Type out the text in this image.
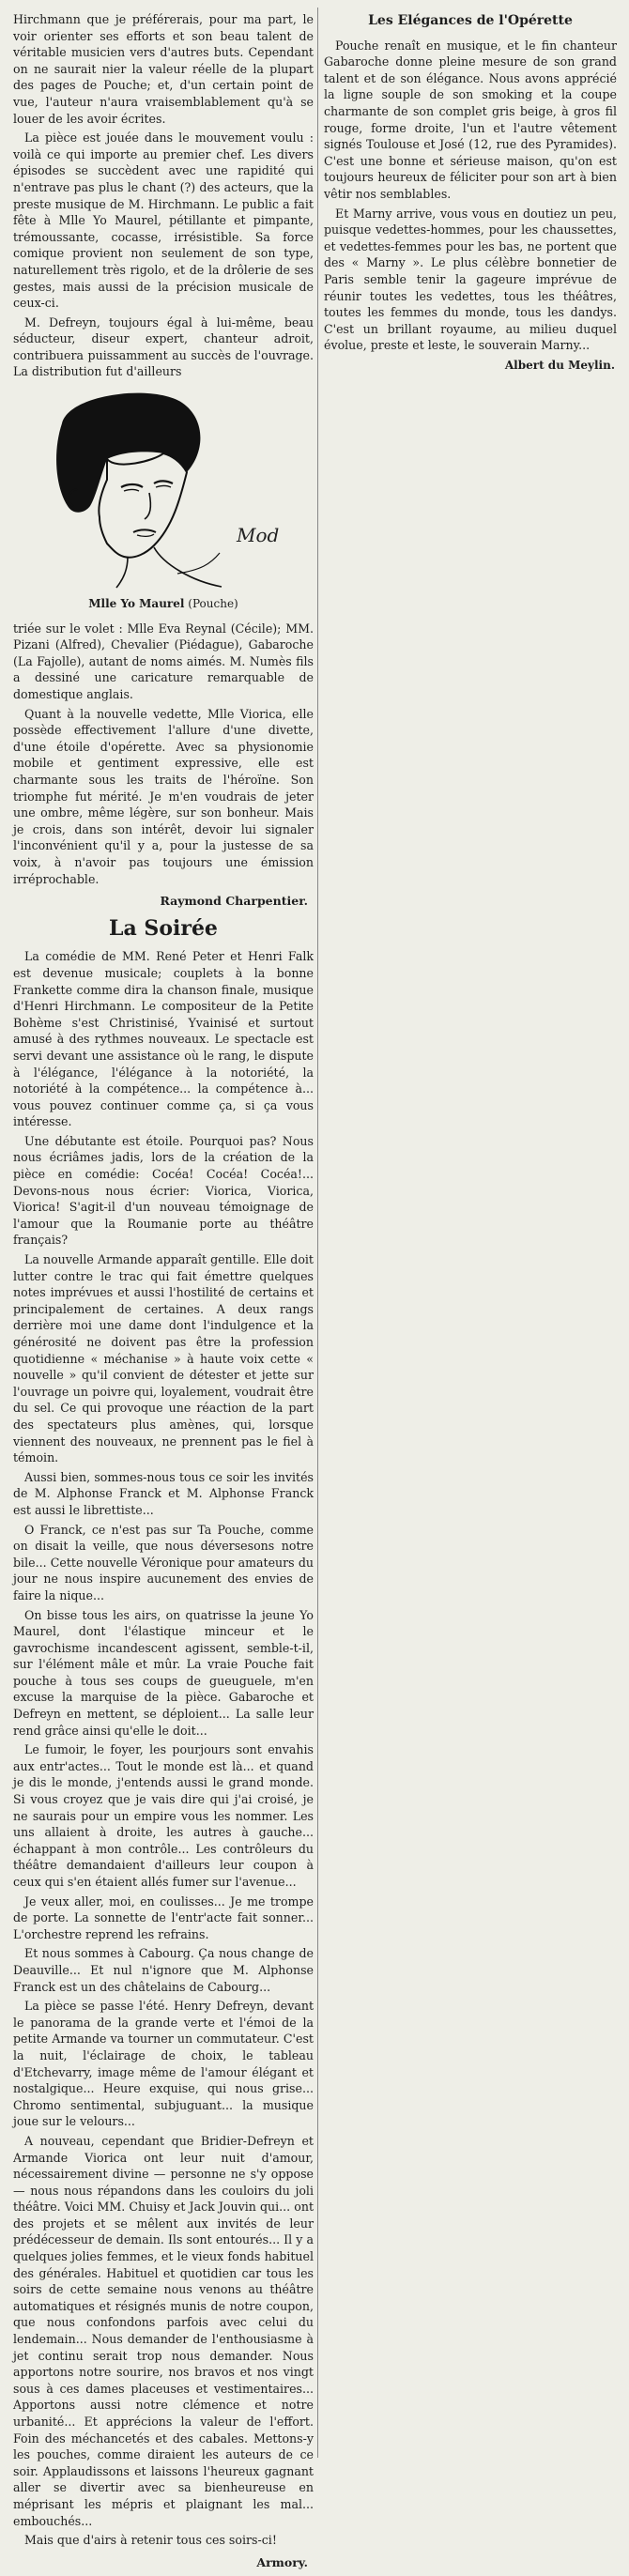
Hirchmann que je préférerais, pour ma part, le voir orienter ses efforts et son beau talent de véritable musicien vers d'autres buts. Cependant on ne saurait nier la valeur réelle de la plupart des pages de Pouche; et, d'un certain point de vue, l'auteur n'aura vraisemblablement qu'à se louer de les avoir écrites.

La pièce est jouée dans le mouvement voulu : voilà ce qui importe au premier chef. Les divers épisodes se succèdent avec une rapidité qui n'entrave pas plus le chant (?) des acteurs, que la preste musique de M. Hirchmann. Le public a fait fête à Mlle Yo Maurel, pétillante et pimpante, trémoussante, cocasse, irrésistible. Sa force comique provient non seulement de son type, naturellement très rigolo, et de la drôlerie de ses gestes, mais aussi de la précision musicale de ceux-ci.

M. Defreyn, toujours égal à lui-même, beau séducteur, diseur expert, chanteur adroit, contribuera puissamment au succès de l'ouvrage. La distribution fut d'ailleurs

Mod
Mlle Yo Maurel (Pouche)

triée sur le volet : Mlle Eva Reynal (Cécile); MM. Pizani (Alfred), Chevalier (Piédague), Gabaroche (La Fajolle), autant de noms aimés. M. Numès fils a dessiné une caricature remarquable de domestique anglais.

Quant à la nouvelle vedette, Mlle Viorica, elle possède effectivement l'allure d'une divette, d'une étoile d'opérette. Avec sa physionomie mobile et gentiment expressive, elle est charmante sous les traits de l'héroïne. Son triomphe fut mérité. Je m'en voudrais de jeter une ombre, même légère, sur son bonheur. Mais je crois, dans son intérêt, devoir lui signaler l'inconvénient qu'il y a, pour la justesse de sa voix, à n'avoir pas toujours une émission irréprochable.

Raymond Charpentier.
La Soirée

La comédie de MM. René Peter et Henri Falk est devenue musicale; couplets à la bonne Frankette comme dira la chanson finale, musique d'Henri Hirchmann. Le compositeur de la Petite Bohème s'est Christinisé, Yvainisé et surtout amusé à des rythmes nouveaux. Le spectacle est servi devant une assistance où le rang, le dispute à l'élégance, l'élégance à la notoriété, la notoriété à la compétence... la compétence à... vous pouvez continuer comme ça, si ça vous intéresse.

Une débutante est étoile. Pourquoi pas? Nous nous écriâmes jadis, lors de la création de la pièce en comédie: Cocéa! Cocéa! Cocéa!... Devons-nous nous écrier: Viorica, Viorica, Viorica! S'agit-il d'un nouveau témoignage de l'amour que la Roumanie porte au théâtre français?

La nouvelle Armande apparaît gentille. Elle doit lutter contre le trac qui fait émettre quelques notes imprévues et aussi l'hostilité de certains et principalement de certaines. A deux rangs derrière moi une dame dont l'indulgence et la générosité ne doivent pas être la profession quotidienne « méchanise » à haute voix cette « nouvelle » qu'il convient de détester et jette sur l'ouvrage un poivre qui, loyalement, voudrait être du sel. Ce qui provoque une réaction de la part des spectateurs plus amènes, qui, lorsque viennent des nouveaux, ne prennent pas le fiel à témoin.

Aussi bien, sommes-nous tous ce soir les invités de M. Alphonse Franck et M. Alphonse Franck est aussi le librettiste...

O Franck, ce n'est pas sur Ta Pouche, comme on disait la veille, que nous déversesons notre bile... Cette nouvelle Véronique pour amateurs du jour ne nous inspire aucunement des envies de faire la nique...

On bisse tous les airs, on quatrisse la jeune Yo Maurel, dont l'élastique minceur et le gavrochisme incandescent agissent, semble-t-il, sur l'élément mâle et mûr. La vraie Pouche fait pouche à tous ses coups de gueuguele, m'en excuse la marquise de la pièce. Gabaroche et Defreyn en mettent, se déploient... La salle leur rend grâce ainsi qu'elle le doit...

Le fumoir, le foyer, les pourjours sont envahis aux entr'actes... Tout le monde est là... et quand je dis le monde, j'entends aussi le grand monde. Si vous croyez que je vais dire qui j'ai croisé, je ne saurais pour un empire vous les nommer. Les uns allaient à droite, les autres à gauche... échappant à mon contrôle... Les contrôleurs du théâtre demandaient d'ailleurs leur coupon à ceux qui s'en étaient allés fumer sur l'avenue...

Je veux aller, moi, en coulisses... Je me trompe de porte. La sonnette de l'entr'acte fait sonner... L'orchestre reprend les refrains.

Et nous sommes à Cabourg. Ça nous change de Deauville... Et nul n'ignore que M. Alphonse Franck est un des châtelains de Cabourg...

La pièce se passe l'été. Henry Defreyn, devant le panorama de la grande verte et l'émoi de la petite Armande va tourner un commutateur. C'est la nuit, l'éclairage de choix, le tableau d'Etchevarry, image même de l'amour élégant et nostalgique... Heure exquise, qui nous grise... Chromo sentimental, subjuguant... la musique joue sur le velours...

A nouveau, cependant que Bridier-Defreyn et Armande Viorica ont leur nuit d'amour, nécessairement divine — personne ne s'y oppose — nous nous répandons dans les couloirs du joli théâtre. Voici MM. Chuisy et Jack Jouvin qui... ont des projets et se mêlent aux invités de leur prédécesseur de demain. Ils sont entourés... Il y a quelques jolies femmes, et le vieux fonds habituel des générales. Habituel et quotidien car tous les soirs de cette semaine nous venons au théâtre automatiques et résignés munis de notre coupon, que nous confondons parfois avec celui du lendemain... Nous demander de l'enthousiasme à jet continu serait trop nous demander. Nous apportons notre sourire, nos bravos et nos vingt sous à ces dames placeuses et vestimentaires... Apportons aussi notre clémence et notre urbanité... Et apprécions la valeur de l'effort. Foin des méchancetés et des cabales. Mettons-y les pouches, comme diraient les auteurs de ce soir. Applaudissons et laissons l'heureux gagnant aller se divertir avec sa bienheureuse en méprisant les mépris et plaignant les mal... embouchés...

Mais que d'airs à retenir tous ces soirs-ci!

Armory.
Les Elégances de l'Opérette

Pouche renaît en musique, et le fin chanteur Gabaroche donne pleine mesure de son grand talent et de son élégance. Nous avons apprécié la ligne souple de son smoking et la coupe charmante de son complet gris beige, à gros fil rouge, forme droite, l'un et l'autre vêtement signés Toulouse et José (12, rue des Pyramides). C'est une bonne et sérieuse maison, qu'on est toujours heureux de féliciter pour son art à bien vêtir nos semblables.

Et Marny arrive, vous vous en doutiez un peu, puisque vedettes-hommes, pour les chaussettes, et vedettes-femmes pour les bas, ne portent que des « Marny ». Le plus célèbre bonnetier de Paris semble tenir la gageure imprévue de réunir toutes les vedettes, tous les théâtres, toutes les femmes du monde, tous les dandys. C'est un brillant royaume, au milieu duquel évolue, preste et leste, le souverain Marny...

Albert du Meylin.
